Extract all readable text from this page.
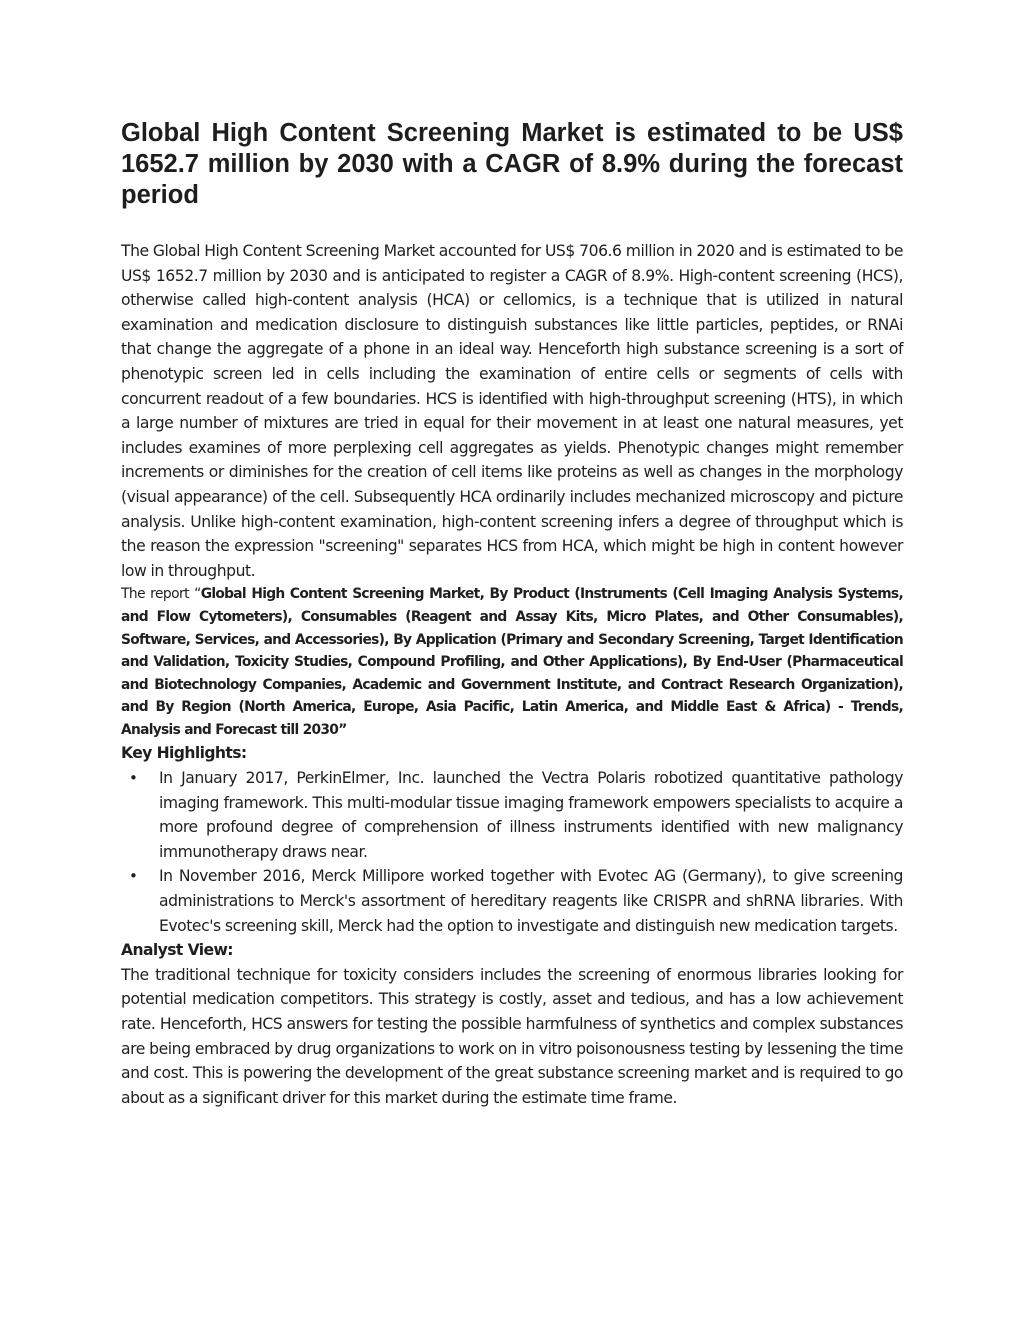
Global High Content Screening Market is estimated to be US$ 1652.7 million by 2030 with a CAGR of 8.9% during the forecast period

The Global High Content Screening Market accounted for US$ 706.6 million in 2020 and is estimated to be US$ 1652.7 million by 2030 and is anticipated to register a CAGR of 8.9%. High-content screening (HCS), otherwise called high-content analysis (HCA) or cellomics, is a technique that is utilized in natural examination and medication disclosure to distinguish substances like little particles, peptides, or RNAi that change the aggregate of a phone in an ideal way. Henceforth high substance screening is a sort of phenotypic screen led in cells including the examination of entire cells or segments of cells with concurrent readout of a few boundaries. HCS is identified with high-throughput screening (HTS), in which a large number of mixtures are tried in equal for their movement in at least one natural measures, yet includes examines of more perplexing cell aggregates as yields. Phenotypic changes might remember increments or diminishes for the creation of cell items like proteins as well as changes in the morphology (visual appearance) of the cell. Subsequently HCA ordinarily includes mechanized microscopy and picture analysis. Unlike high-content examination, high-content screening infers a degree of throughput which is the reason the expression "screening" separates HCS from HCA, which might be high in content however low in throughput.

The report “Global High Content Screening Market, By Product (Instruments (Cell Imaging Analysis Systems, and Flow Cytometers), Consumables (Reagent and Assay Kits, Micro Plates, and Other Consumables), Software, Services, and Accessories), By Application (Primary and Secondary Screening, Target Identification and Validation, Toxicity Studies, Compound Profiling, and Other Applications), By End-User (Pharmaceutical and Biotechnology Companies, Academic and Government Institute, and Contract Research Organization), and By Region (North America, Europe, Asia Pacific, Latin America, and Middle East & Africa) - Trends, Analysis and Forecast till 2030”

Key Highlights:

• In January 2017, PerkinElmer, Inc. launched the Vectra Polaris robotized quantitative pathology imaging framework. This multi-modular tissue imaging framework empowers specialists to acquire a more profound degree of comprehension of illness instruments identified with new malignancy immunotherapy draws near.
• In November 2016, Merck Millipore worked together with Evotec AG (Germany), to give screening administrations to Merck's assortment of hereditary reagents like CRISPR and shRNA libraries. With Evotec's screening skill, Merck had the option to investigate and distinguish new medication targets.

Analyst View:

The traditional technique for toxicity considers includes the screening of enormous libraries looking for potential medication competitors. This strategy is costly, asset and tedious, and has a low achievement rate. Henceforth, HCS answers for testing the possible harmfulness of synthetics and complex substances are being embraced by drug organizations to work on in vitro poisonousness testing by lessening the time and cost. This is powering the development of the great substance screening market and is required to go about as a significant driver for this market during the estimate time frame.
